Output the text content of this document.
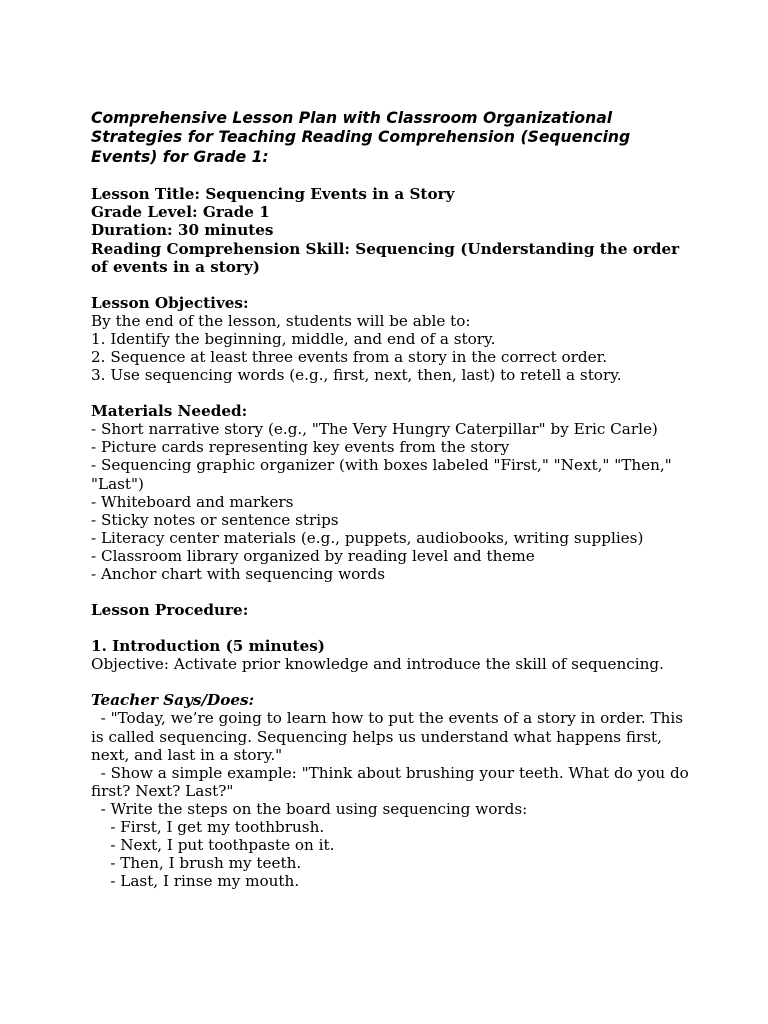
Comprehensive Lesson Plan with Classroom Organizational Strategies for Teaching Reading Comprehension (Sequencing Events) for Grade 1:

Lesson Title: Sequencing Events in a Story
Grade Level: Grade 1
Duration: 30 minutes
Reading Comprehension Skill: Sequencing (Understanding the order of events in a story)
Lesson Objectives:
By the end of the lesson, students will be able to:
1. Identify the beginning, middle, and end of a story.
2. Sequence at least three events from a story in the correct order.
3. Use sequencing words (e.g., first, next, then, last) to retell a story.
Materials Needed:
- Short narrative story (e.g., "The Very Hungry Caterpillar" by Eric Carle)
- Picture cards representing key events from the story
- Sequencing graphic organizer (with boxes labeled "First," "Next," "Then," "Last")
- Whiteboard and markers
- Sticky notes or sentence strips
- Literacy center materials (e.g., puppets, audiobooks, writing supplies)
- Classroom library organized by reading level and theme
- Anchor chart with sequencing words
Lesson Procedure:
1. Introduction (5 minutes)
Objective: Activate prior knowledge and introduce the skill of sequencing.
Teacher Says/Does:
- "Today, we’re going to learn how to put the events of a story in order. This is called sequencing. Sequencing helps us understand what happens first, next, and last in a story."
- Show a simple example: "Think about brushing your teeth. What do you do first? Next? Last?"
- Write the steps on the board using sequencing words:
- First, I get my toothbrush.
- Next, I put toothpaste on it.
- Then, I brush my teeth.
- Last, I rinse my mouth.
